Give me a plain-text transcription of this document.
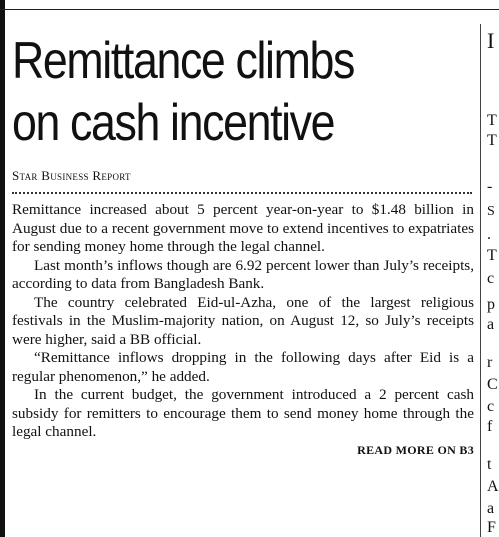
Remittance climbs
on cash incentive
Star Business Report

Remittance increased about 5 percent year-on-year to $1.48 billion in August due to a recent government move to extend incentives to expatriates for sending money home through the legal channel.

Last month’s inflows though are 6.92 percent lower than July’s receipts, according to data from Bangladesh Bank.

The country celebrated Eid-ul-Azha, one of the largest religious festivals in the Muslim-majority nation, on August 12, so July’s receipts were higher, said a BB official.

“Remittance inflows dropping in the following days after Eid is a regular phenomenon,” he added.

In the current budget, the government introduced a 2 percent cash subsidy for remitters to encourage them to send money home through the legal channel.

READ MORE ON B3
I
T
T
-
S
.
T
c
p
a
r
C
c
f
t
A
a
F
